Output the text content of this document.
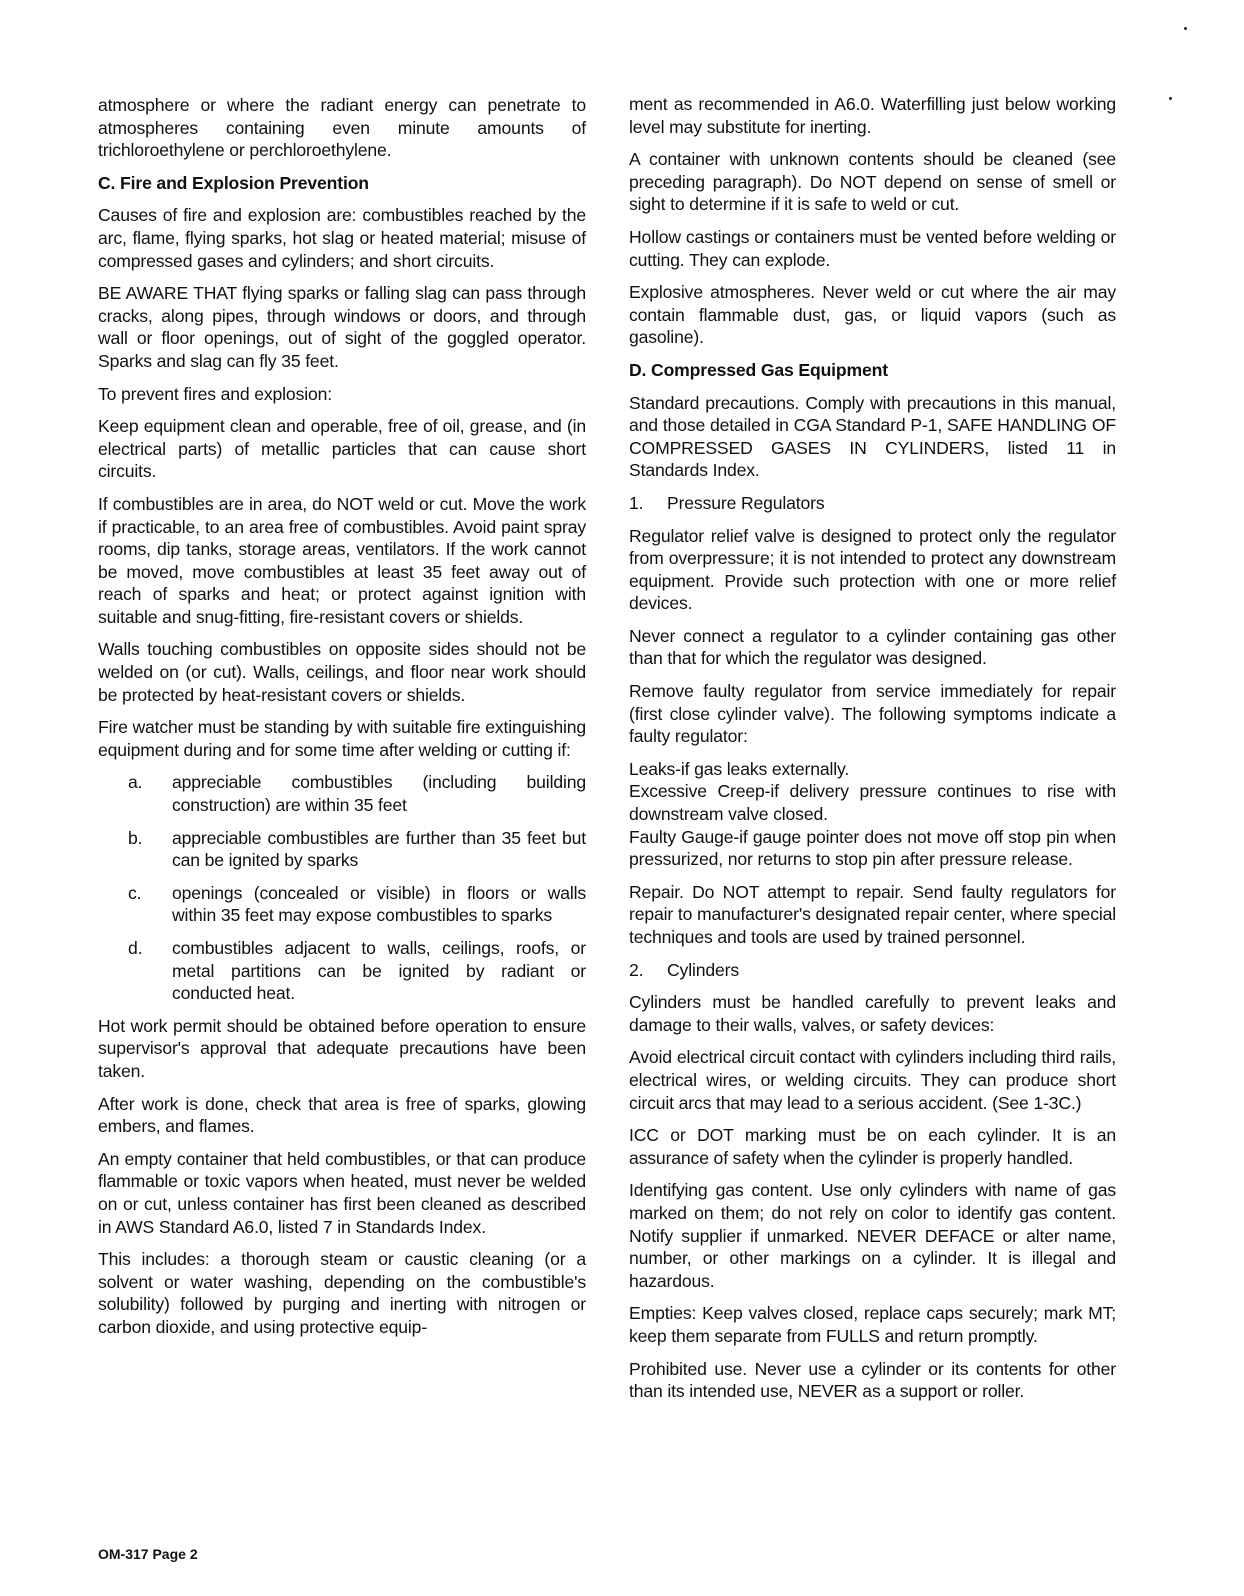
atmosphere or where the radiant energy can penetrate to atmospheres containing even minute amounts of trichloroethylene or perchloroethylene.

C. Fire and Explosion Prevention

Causes of fire and explosion are: combustibles reached by the arc, flame, flying sparks, hot slag or heated material; misuse of compressed gases and cylinders; and short circuits.

BE AWARE THAT flying sparks or falling slag can pass through cracks, along pipes, through windows or doors, and through wall or floor openings, out of sight of the goggled operator. Sparks and slag can fly 35 feet.

To prevent fires and explosion:

Keep equipment clean and operable, free of oil, grease, and (in electrical parts) of metallic particles that can cause short circuits.

If combustibles are in area, do NOT weld or cut. Move the work if practicable, to an area free of combustibles. Avoid paint spray rooms, dip tanks, storage areas, ventilators. If the work cannot be moved, move combustibles at least 35 feet away out of reach of sparks and heat; or protect against ignition with suitable and snug-fitting, fire-resistant covers or shields.

Walls touching combustibles on opposite sides should not be welded on (or cut). Walls, ceilings, and floor near work should be protected by heat-resistant covers or shields.

Fire watcher must be standing by with suitable fire extinguishing equipment during and for some time after welding or cutting if:

a.	appreciable combustibles (including building construction) are within 35 feet
b.	appreciable combustibles are further than 35 feet but can be ignited by sparks
c.	openings (concealed or visible) in floors or walls within 35 feet may expose combustibles to sparks
d.	combustibles adjacent to walls, ceilings, roofs, or metal partitions can be ignited by radiant or conducted heat.

Hot work permit should be obtained before operation to ensure supervisor's approval that adequate precautions have been taken.

After work is done, check that area is free of sparks, glowing embers, and flames.

An empty container that held combustibles, or that can produce flammable or toxic vapors when heated, must never be welded on or cut, unless container has first been cleaned as described in AWS Standard A6.0, listed 7 in Standards Index.

This includes: a thorough steam or caustic cleaning (or a solvent or water washing, depending on the combustible's solubility) followed by purging and inerting with nitrogen or carbon dioxide, and using protective equip-

ment as recommended in A6.0. Waterfilling just below working level may substitute for inerting.

A container with unknown contents should be cleaned (see preceding paragraph). Do NOT depend on sense of smell or sight to determine if it is safe to weld or cut.

Hollow castings or containers must be vented before welding or cutting. They can explode.

Explosive atmospheres. Never weld or cut where the air may contain flammable dust, gas, or liquid vapors (such as gasoline).

D. Compressed Gas Equipment

Standard precautions. Comply with precautions in this manual, and those detailed in CGA Standard P-1, SAFE HANDLING OF COMPRESSED GASES IN CYLINDERS, listed 11 in Standards Index.

1. Pressure Regulators

Regulator relief valve is designed to protect only the regulator from overpressure; it is not intended to protect any downstream equipment. Provide such protection with one or more relief devices.

Never connect a regulator to a cylinder containing gas other than that for which the regulator was designed.

Remove faulty regulator from service immediately for repair (first close cylinder valve). The following symptoms indicate a faulty regulator:

Leaks-if gas leaks externally.

Excessive Creep-if delivery pressure continues to rise with downstream valve closed.

Faulty Gauge-if gauge pointer does not move off stop pin when pressurized, nor returns to stop pin after pressure release.

Repair. Do NOT attempt to repair. Send faulty regulators for repair to manufacturer's designated repair center, where special techniques and tools are used by trained personnel.

2. Cylinders

Cylinders must be handled carefully to prevent leaks and damage to their walls, valves, or safety devices:

Avoid electrical circuit contact with cylinders including third rails, electrical wires, or welding circuits. They can produce short circuit arcs that may lead to a serious accident. (See 1-3C.)

ICC or DOT marking must be on each cylinder. It is an assurance of safety when the cylinder is properly handled.

Identifying gas content. Use only cylinders with name of gas marked on them; do not rely on color to identify gas content. Notify supplier if unmarked. NEVER DEFACE or alter name, number, or other markings on a cylinder. It is illegal and hazardous.

Empties: Keep valves closed, replace caps securely; mark MT; keep them separate from FULLS and return promptly.

Prohibited use. Never use a cylinder or its contents for other than its intended use, NEVER as a support or roller.

OM-317 Page 2
